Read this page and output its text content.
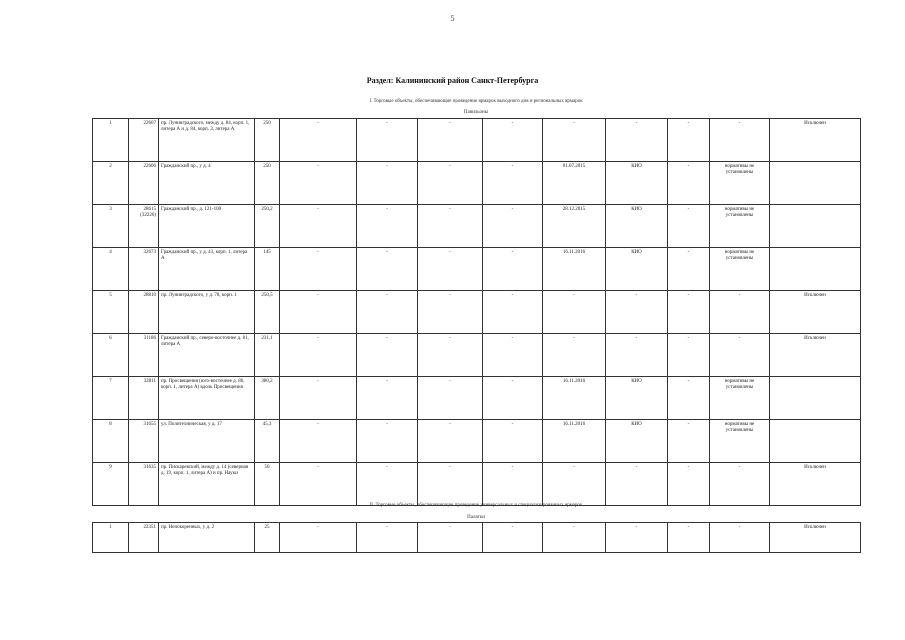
5
Раздел: Калининский район Санкт-Петербурга
I. Торговые объекты, обеспечивающие проведение ярмарок выходного дня и региональных ярмарок
Павильоны
1	22607	пр. Лунинградского, между д. 84, корп. 1, литера А и д. 84, корп. 3, литера А	250	-	-	-	-	-	-	-	-	Исключен
2	22606	Гражданский пр., у д. 4	250	-	-	-	-	01.07.2015	КИО	-	нормативы не установлены	
3	28615 (32226)	Гражданский пр., д. 121-100	250,2	-	-	-	-	28.12.2015	КИО	-	нормативы не установлены	
4	32673	Гражданский пр., у д. 43, корп. 1, литера А	145	-	-	-	-	16.11.2016	КИО	-	нормативы не установлены	
5	28810	пр. Лунинградского, у д. 78, корп. 1	250,5	-	-	-	-	-	-	-	-	Исключен
6	31186	Гражданский пр., северо-восточнее д. 81, литера А	231,1	-	-	-	-	-	-	-	-	Исключен
7	32811	пр. Просвещения (юго-восточнее д. 86, корп. 1, литера А) вдоль Просвещения	380,2	-	-	-	-	16.11.2016	КИО	-	нормативы не установлены	
8	31655	ул. Политехническая, у д. 17	45,3	-	-	-	-	16.11.2016	КИО	-	нормативы не установлены	
9	31635	пр. Пискаревский, между д. 14 (северная д. 19, корп. 1, литера А) и пр. Науки	50	-	-	-	-	-	-	-	-	Исключен
II. Торговые объекты, обеспечивающие проведение универсальных и специализированных ярмарок
Палатки
1	22351	пр. Непокоренных, у д. 2	25	-	-	-	-	-	-	-	-	Исключен
